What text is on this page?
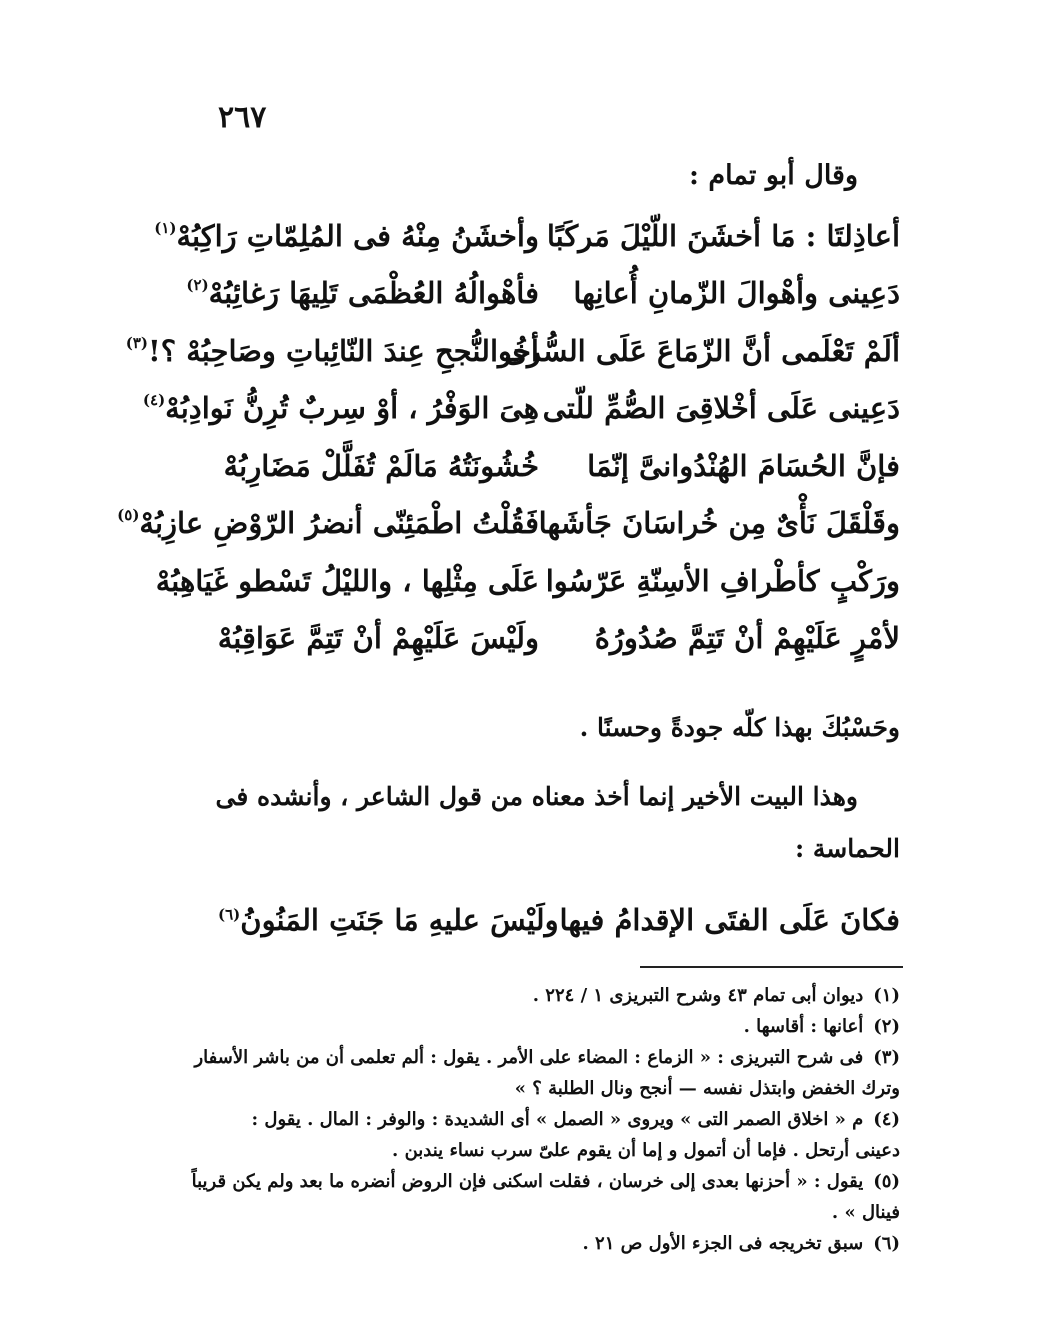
٢٦٧
وقال أبو تمام :
أعاذِلتَا : مَا أخشَنَ اللّيْلَ مَركَبًا
وأخشَنُ مِنْهُ فى المُلِمّاتِ رَاكِبُهْ
(١)
دَعِينى وأهْوالَ الزّمانِ أُعانِها
فأهْوالُهُ العُظْمَى تَلِيهَا رَغائِبُهْ
(٢)
ألَمْ تَعْلَمى أنَّ الزّمَاعَ عَلَى السُّرى
أخُوالنُّجحِ عِندَ النّائِباتِ وصَاحِبُهْ ؟!
(٣)
دَعِينى عَلَى أخْلاقِىَ الصُّمِّ للّتى
هِىَ الوَفْرُ ، أوْ سِربٌ تُرِنُّ نَوادِبُهْ
(٤)
فإنَّ الحُسَامَ الهُنْدُوانىَّ إنّمَا
خُشُونَتُهُ مَالَمْ تُفَلَّلْ مَضَارِبُهْ
وقَلْقَلَ نَأْىٌ مِن خُراسَانَ جَأشَها
فَقُلْتُ اطْمَئِنّى أنضرُ الرّوْضِ عازِبُهْ
(٥)
ورَكْبٍ كأطْرافِ الأسِنّةِ عَرّسُوا
عَلَى مِثْلِها ، والليْلُ تَسْطو غَيَاهِبُهْ
لأمْرٍ عَلَيْهِمْ أنْ تَتِمَّ صُدُورُهُ
ولَيْسَ عَلَيْهِمْ أنْ تَتِمَّ عَوَاقِبُهْ
وحَسْبُكَ بهذا كلّه جودةً وحسنًا .
وهذا البيت الأخير إنما أخذ معناه من قول الشاعر ، وأنشده فى
الحماسة :
فكانَ عَلَى الفتَى الإقدامُ فيها
ولَيْسَ عليهِ مَا جَنَتِ المَنُونُ$^{(٦)}$
(١)ديوان أبى تمام ٤٣ وشرح التبريزى ١ / ٢٢٤ .
(٢)أعانها : أقاسها .
(٣)فى شرح التبريزى : « الزماع : المضاء على الأمر . يقول : ألم تعلمى أن من باشر الأسفار
وترك الخفض وابتذل نفسه — أنجح ونال الطلبة ؟ »
(٤)م « اخلاق الصمر التى » ويروى « الصمل » أى الشديدة : والوفر : المال . يقول :
دعينى أرتحل . فإما أن أتمول و إما أن يقوم علىّ سرب نساء يندبن .
(٥)يقول : « أحزنها بعدى إلى خرسان ، فقلت اسكنى فإن الروض أنضره ما بعد ولم يكن قريباً
فينال » .
(٦)سبق تخريجه فى الجزء الأول ص ٢١ .
